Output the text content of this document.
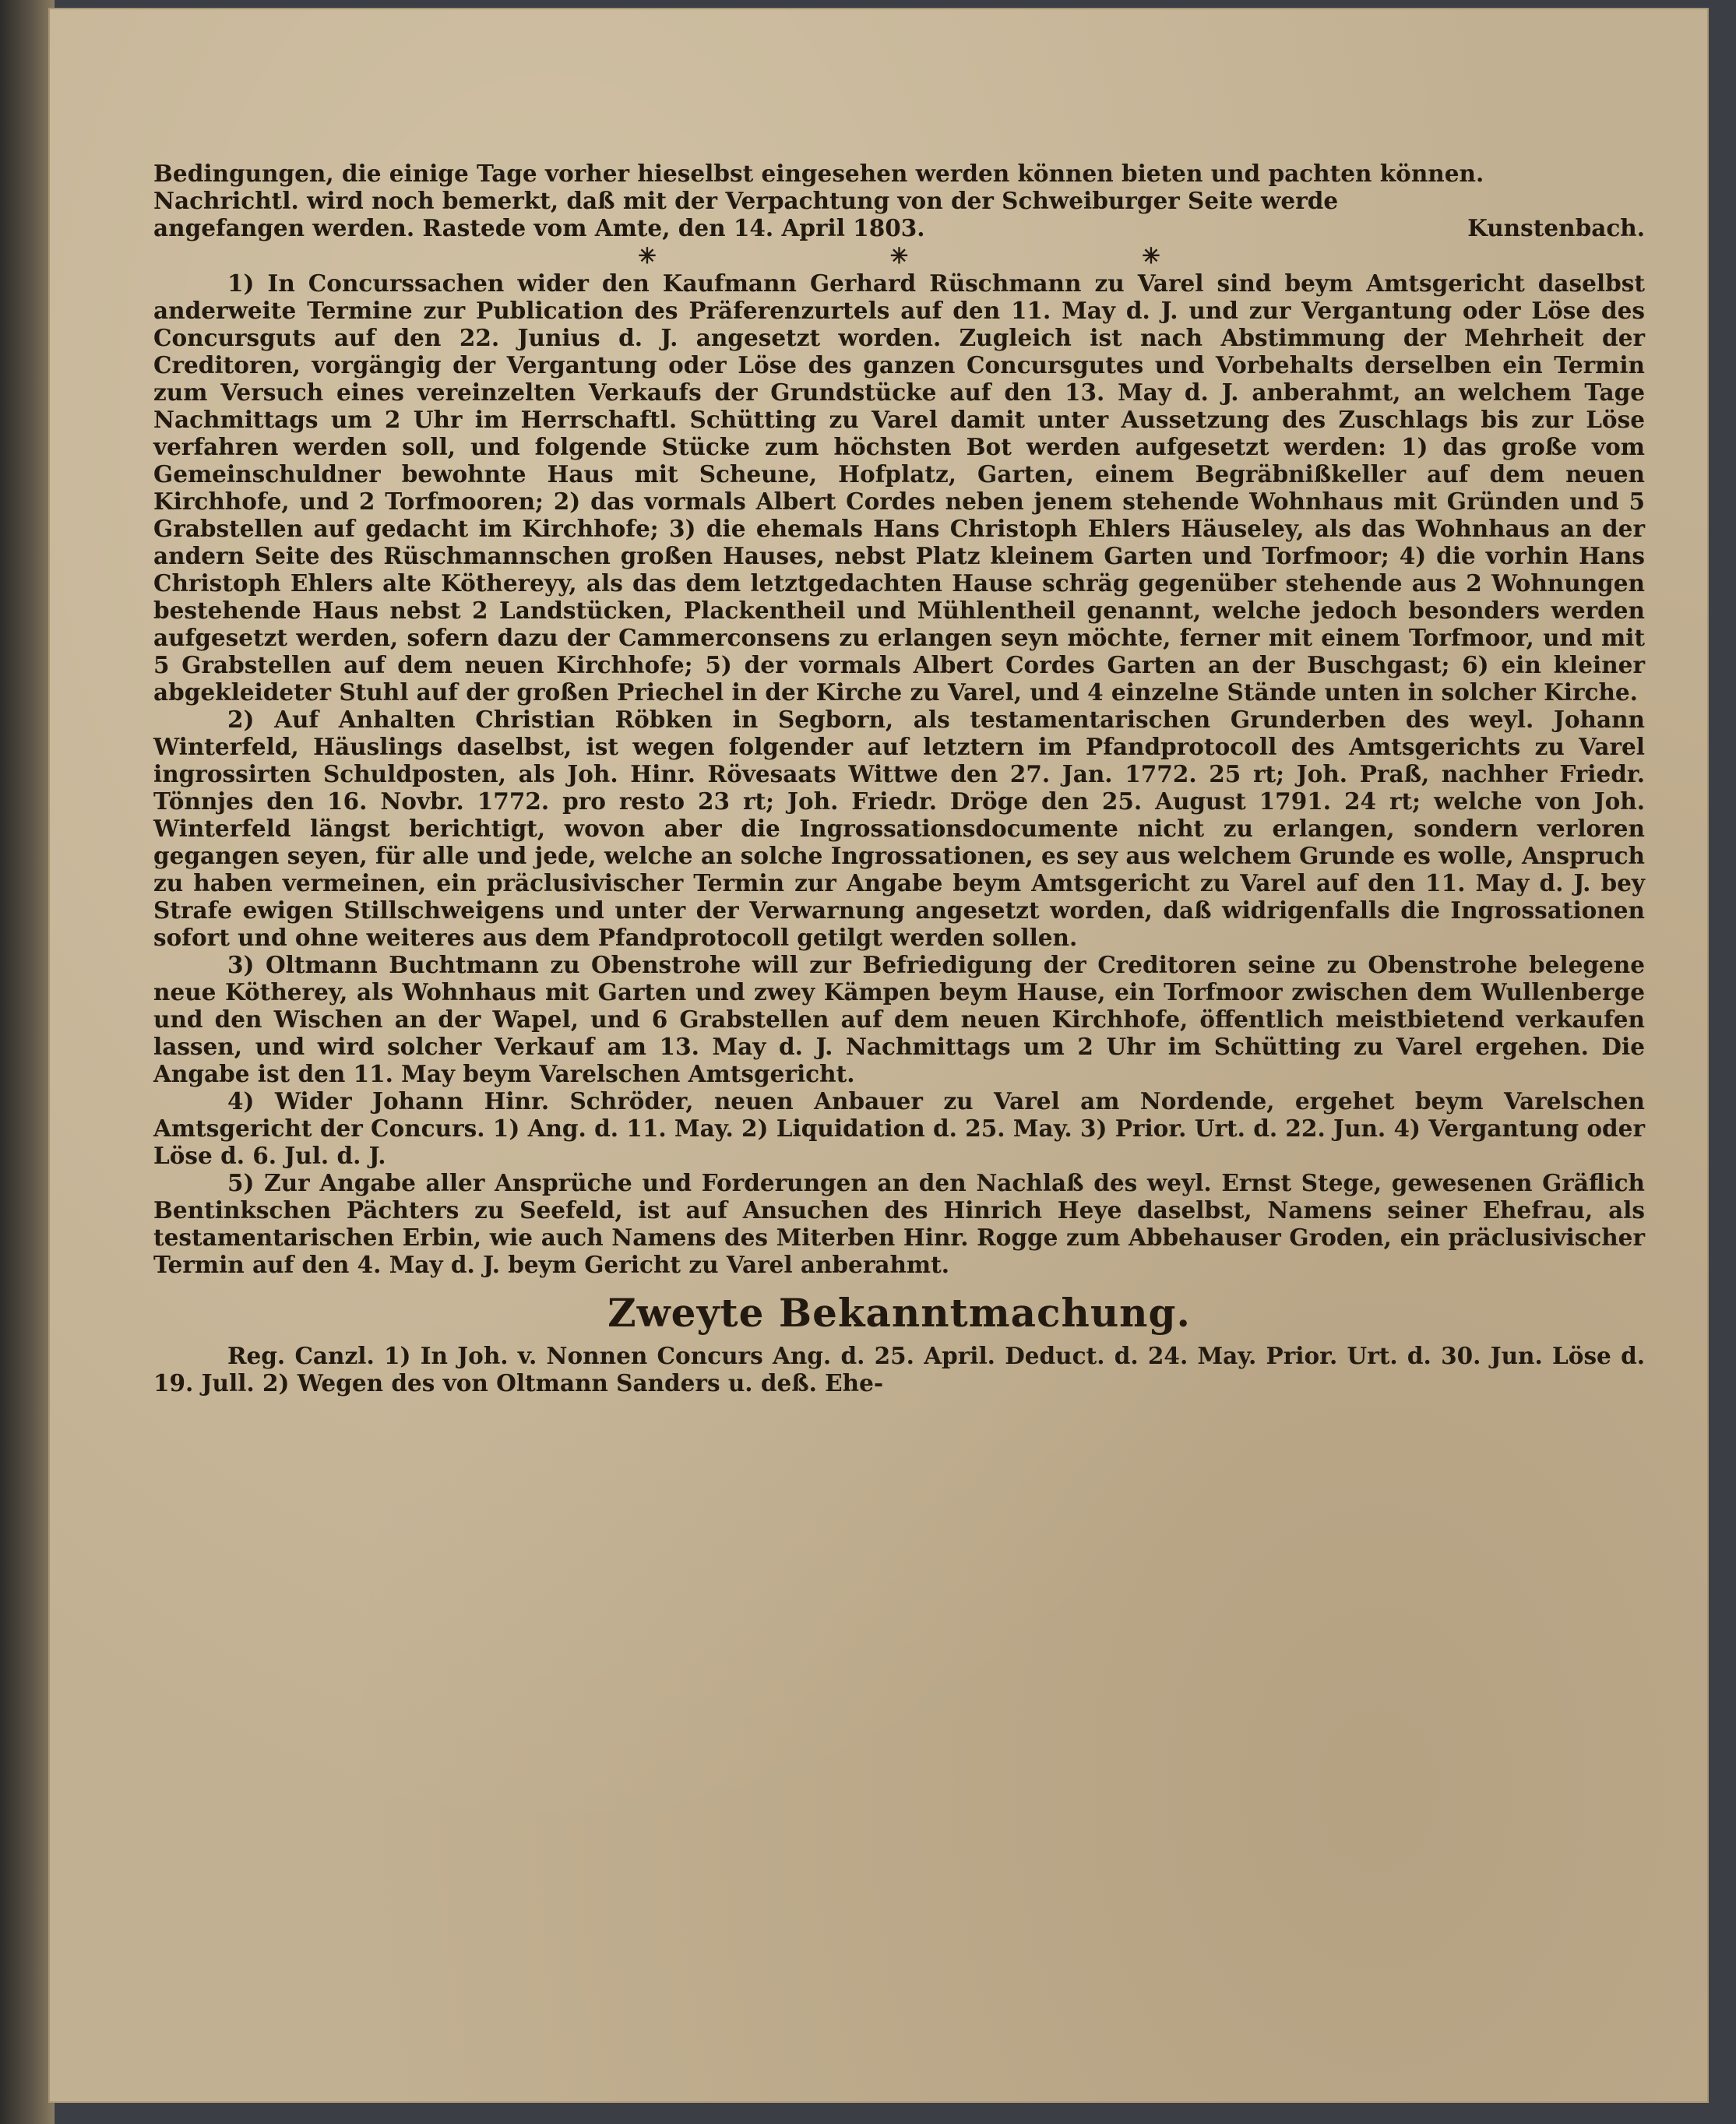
Bedingungen, die einige Tage vorher hieselbst eingesehen werden können bieten und pachten können.

Nachrichtl. wird noch bemerkt, daß mit der Verpachtung von der Schweiburger Seite werde

angefangen werden. Rastede vom Amte, den 14. April 1803.	Kunstenbach.

✳	✳	✳

1) In Concurssachen wider den Kaufmann Gerhard Rüschmann zu Varel sind beym Amtsgericht daselbst anderweite Termine zur Publication des Präferenzurtels auf den 11. May d. J. und zur Vergantung oder Löse des Concursguts auf den 22. Junius d. J. angesetzt worden. Zugleich ist nach Abstimmung der Mehrheit der Creditoren, vorgängig der Vergantung oder Löse des ganzen Concursgutes und Vorbehalts derselben ein Termin zum Versuch eines vereinzelten Verkaufs der Grundstücke auf den 13. May d. J. anberahmt, an welchem Tage Nachmittags um 2 Uhr im Herrschaftl. Schütting zu Varel damit unter Aussetzung des Zuschlags bis zur Löse verfahren werden soll, und folgende Stücke zum höchsten Bot werden aufgesetzt werden: 1) das große vom Gemeinschuldner bewohnte Haus mit Scheune, Hofplatz, Garten, einem Begräbnißkeller auf dem neuen Kirchhofe, und 2 Torfmooren; 2) das vormals Albert Cordes neben jenem stehende Wohnhaus mit Gründen und 5 Grabstellen auf gedacht im Kirchhofe; 3) die ehemals Hans Christoph Ehlers Häuseley, als das Wohnhaus an der andern Seite des Rüschmannschen großen Hauses, nebst Platz kleinem Garten und Torfmoor; 4) die vorhin Hans Christoph Ehlers alte Köthereyy, als das dem letztgedachten Hause schräg gegenüber stehende aus 2 Wohnungen bestehende Haus nebst 2 Landstücken, Plackentheil und Mühlentheil genannt, welche jedoch besonders werden aufgesetzt werden, sofern dazu der Cammerconsens zu erlangen seyn möchte, ferner mit einem Torfmoor, und mit 5 Grabstellen auf dem neuen Kirchhofe; 5) der vormals Albert Cordes Garten an der Buschgast; 6) ein kleiner abgekleideter Stuhl auf der großen Priechel in der Kirche zu Varel, und 4 einzelne Stände unten in solcher Kirche.

2) Auf Anhalten Christian Röbken in Segborn, als testamentarischen Grunderben des weyl. Johann Winterfeld, Häuslings daselbst, ist wegen folgender auf letztern im Pfandprotocoll des Amtsgerichts zu Varel ingrossirten Schuldposten, als Joh. Hinr. Rövesaats Wittwe den 27. Jan. 1772. 25 rt; Joh. Praß, nachher Friedr. Tönnjes den 16. Novbr. 1772. pro resto 23 rt; Joh. Friedr. Dröge den 25. August 1791. 24 rt; welche von Joh. Winterfeld längst berichtigt, wovon aber die Ingrossationsdocumente nicht zu erlangen, sondern verloren gegangen seyen, für alle und jede, welche an solche Ingrossationen, es sey aus welchem Grunde es wolle, Anspruch zu haben vermeinen, ein präclusivischer Termin zur Angabe beym Amtsgericht zu Varel auf den 11. May d. J. bey Strafe ewigen Stillschweigens und unter der Verwarnung angesetzt worden, daß widrigenfalls die Ingrossationen sofort und ohne weiteres aus dem Pfandprotocoll getilgt werden sollen.

3) Oltmann Buchtmann zu Obenstrohe will zur Befriedigung der Creditoren seine zu Obenstrohe belegene neue Kötherey, als Wohnhaus mit Garten und zwey Kämpen beym Hause, ein Torfmoor zwischen dem Wullenberge und den Wischen an der Wapel, und 6 Grabstellen auf dem neuen Kirchhofe, öffentlich meistbietend verkaufen lassen, und wird solcher Verkauf am 13. May d. J. Nachmittags um 2 Uhr im Schütting zu Varel ergehen. Die Angabe ist den 11. May beym Varelschen Amtsgericht.

4) Wider Johann Hinr. Schröder, neuen Anbauer zu Varel am Nordende, ergehet beym Varelschen Amtsgericht der Concurs. 1) Ang. d. 11. May. 2) Liquidation d. 25. May. 3) Prior. Urt. d. 22. Jun. 4) Vergantung oder Löse d. 6. Jul. d. J.

5) Zur Angabe aller Ansprüche und Forderungen an den Nachlaß des weyl. Ernst Stege, gewesenen Gräflich Bentinkschen Pächters zu Seefeld, ist auf Ansuchen des Hinrich Heye daselbst, Namens seiner Ehefrau, als testamentarischen Erbin, wie auch Namens des Miterben Hinr. Rogge zum Abbehauser Groden, ein präclusivischer Termin auf den 4. May d. J. beym Gericht zu Varel anberahmt.

Zweyte Bekanntmachung.

Reg. Canzl. 1) In Joh. v. Nonnen Concurs Ang. d. 25. April. Deduct. d. 24. May. Prior. Urt. d. 30. Jun. Löse d. 19. Jull. 2) Wegen des von Oltmann Sanders u. deß. Ehe-
